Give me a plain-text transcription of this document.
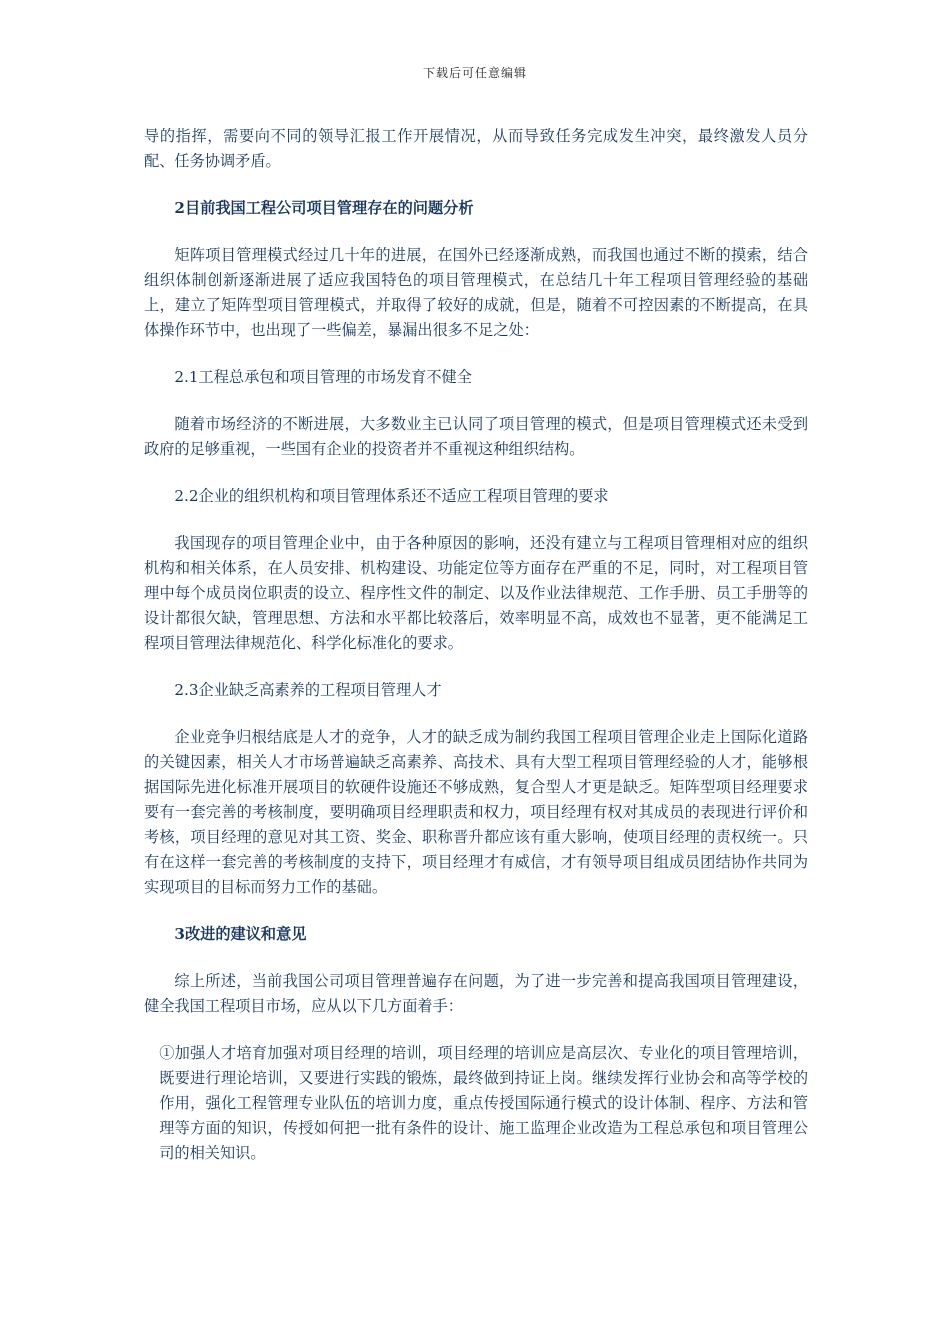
下载后可任意编辑

导的指挥，需要向不同的领导汇报工作开展情况，从而导致任务完成发生冲突，最终激发人员分配、任务协调矛盾。

2目前我国工程公司项目管理存在的问题分析

矩阵项目管理模式经过几十年的进展，在国外已经逐渐成熟，而我国也通过不断的摸索，结合组织体制创新逐渐进展了适应我国特色的项目管理模式，在总结几十年工程项目管理经验的基础上，建立了矩阵型项目管理模式，并取得了较好的成就，但是，随着不可控因素的不断提高，在具体操作环节中，也出现了一些偏差，暴漏出很多不足之处：

2.1工程总承包和项目管理的市场发育不健全

随着市场经济的不断进展，大多数业主已认同了项目管理的模式，但是项目管理模式还未受到政府的足够重视，一些国有企业的投资者并不重视这种组织结构。

2.2企业的组织机构和项目管理体系还不适应工程项目管理的要求

我国现存的项目管理企业中，由于各种原因的影响，还没有建立与工程项目管理相对应的组织机构和相关体系，在人员安排、机构建设、功能定位等方面存在严重的不足，同时，对工程项目管理中每个成员岗位职责的设立、程序性文件的制定、以及作业法律规范、工作手册、员工手册等的设计都很欠缺，管理思想、方法和水平都比较落后，效率明显不高，成效也不显著，更不能满足工程项目管理法律规范化、科学化标准化的要求。

2.3企业缺乏高素养的工程项目管理人才

企业竞争归根结底是人才的竞争，人才的缺乏成为制约我国工程项目管理企业走上国际化道路的关键因素，相关人才市场普遍缺乏高素养、高技术、具有大型工程项目管理经验的人才，能够根据国际先进化标准开展项目的软硬件设施还不够成熟，复合型人才更是缺乏。矩阵型项目经理要求要有一套完善的考核制度，要明确项目经理职责和权力，项目经理有权对其成员的表现进行评价和考核，项目经理的意见对其工资、奖金、职称晋升都应该有重大影响，使项目经理的责权统一。只有在这样一套完善的考核制度的支持下，项目经理才有威信，才有领导项目组成员团结协作共同为实现项目的目标而努力工作的基础。

3改进的建议和意见

综上所述，当前我国公司项目管理普遍存在问题，为了进一步完善和提高我国项目管理建设，健全我国工程项目市场，应从以下几方面着手：

①加强人才培育加强对项目经理的培训，项目经理的培训应是高层次、专业化的项目管理培训，既要进行理论培训，又要进行实践的锻炼，最终做到持证上岗。继续发挥行业协会和高等学校的作用，强化工程管理专业队伍的培训力度，重点传授国际通行模式的设计体制、程序、方法和管理等方面的知识，传授如何把一批有条件的设计、施工监理企业改造为工程总承包和项目管理公司的相关知识。
